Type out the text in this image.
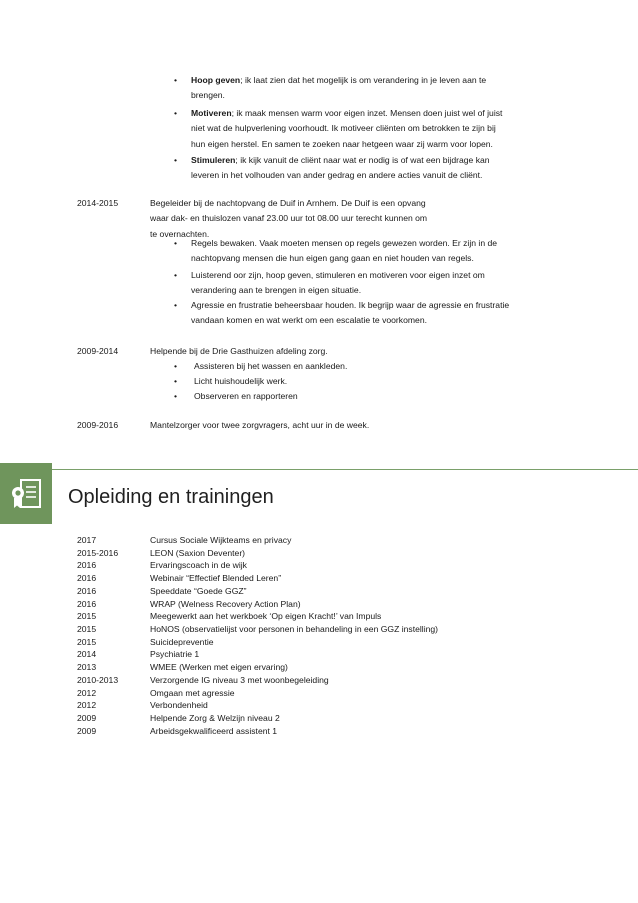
• Hoop geven; ik laat zien dat het mogelijk is om verandering in je leven aan te
brengen.
• Motiveren; ik maak mensen warm voor eigen inzet. Mensen doen juist wel of juist
niet wat de hulpverlening voorhoudt. Ik motiveer cliënten om betrokken te zijn bij
hun eigen herstel. En samen te zoeken naar hetgeen waar zij warm voor lopen.
• Stimuleren; ik kijk vanuit de cliënt naar wat er nodig is of wat een bijdrage kan
leveren in het volhouden van ander gedrag en andere acties vanuit de cliënt.
2014-2015	Begeleider bij de nachtopvang de Duif in Arnhem. De Duif is een opvang
waar dak- en thuislozen vanaf 23.00 uur tot 08.00 uur terecht kunnen om
te overnachten.
• Regels bewaken. Vaak moeten mensen op regels gewezen worden. Er zijn in de
nachtopvang mensen die hun eigen gang gaan en niet houden van regels.
• Luisterend oor zijn, hoop geven, stimuleren en motiveren voor eigen inzet om
verandering aan te brengen in eigen situatie.
• Agressie en frustratie beheersbaar houden. Ik begrijp waar de agressie en frustratie
vandaan komen en wat werkt om een escalatie te voorkomen.
2009-2014	Helpende bij de Drie Gasthuizen afdeling zorg.
• Assisteren bij het wassen en aankleden.
• Licht huishoudelijk werk.
• Observeren en rapporteren
2009-2016	Mantelzorger voor twee zorgvragers, acht uur in de week.
Opleiding en trainingen
2017	Cursus Sociale Wijkteams en privacy
2015-2016	LEON (Saxion Deventer)
2016	Ervaringscoach in de wijk
2016	Webinair “Effectief Blended Leren”
2016	Speeddate “Goede GGZ”
2016	WRAP (Welness Recovery Action Plan)
2015	Meegewerkt aan het werkboek ‘Op eigen Kracht!’ van Impuls
2015	HoNOS (observatielijst voor personen in behandeling in een GGZ instelling)
2015	Suicidepreventie
2014	Psychiatrie 1
2013	WMEE (Werken met eigen ervaring)
2010-2013	Verzorgende IG niveau 3 met woonbegeleiding
2012	Omgaan met agressie
2012	Verbondenheid
2009	Helpende Zorg & Welzijn niveau 2
2009	Arbeidsgekwalificeerd assistent 1
